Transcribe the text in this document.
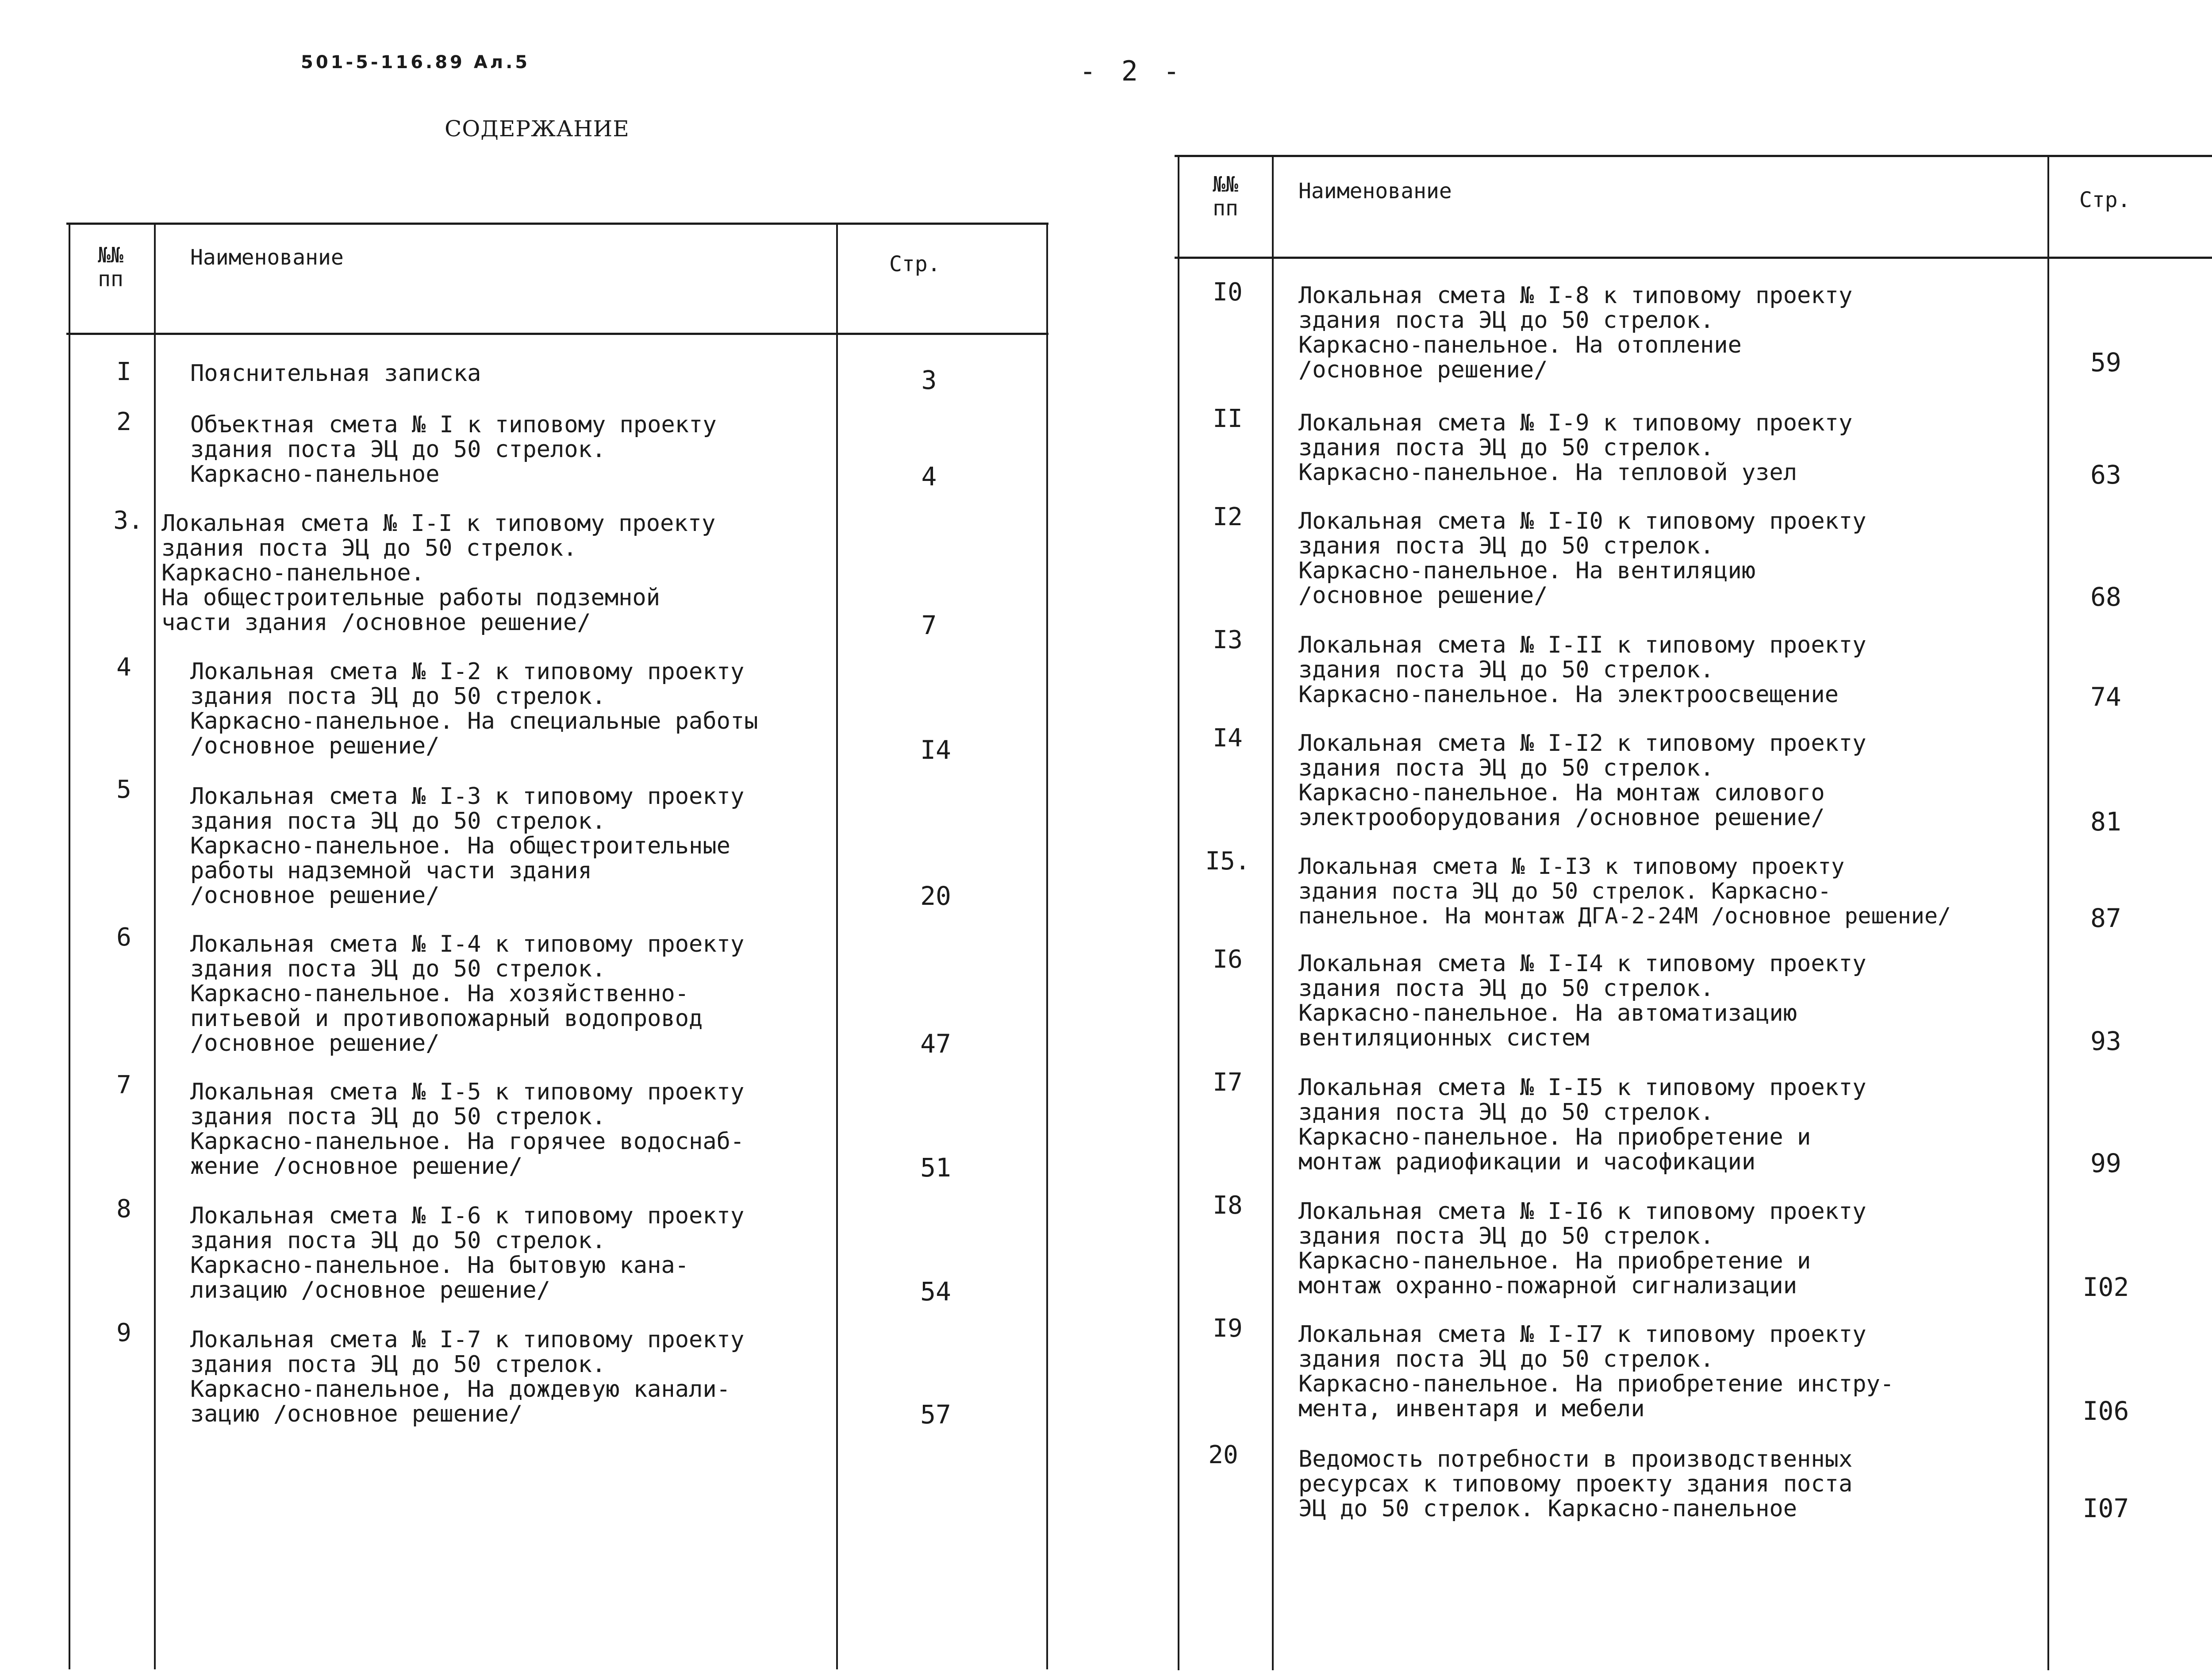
501-5-116.89 Ал.5	- 2 -
СОДЕРЖАНИЕ
№№
пп
Наименование	Стр.
I	Пояснительная записка	3
2	Объектная смета № I к типовому проекту
здания поста ЭЦ до 50 стрелок.
Каркасно-панельное	4
3. Локальная смета № I-I к типовому проекту
здания поста ЭЦ до 50 стрелок.
Каркасно-панельное.
На общестроительные работы подземной
части здания /основное решение/	7
4	Локальная смета № I-2 к типовому проекту
здания поста ЭЦ до 50 стрелок.
Каркасно-панельное. На специальные работы
/основное решение/	I4
5	Локальная смета № I-3 к типовому проекту
здания поста ЭЦ до 50 стрелок.
Каркасно-панельное. На общестроительные
работы надземной части здания
/основное решение/	20
6	Локальная смета № I-4 к типовому проекту
здания поста ЭЦ до 50 стрелок.
Каркасно-панельное. На хозяйственно-
питьевой и противопожарный водопровод
/основное решение/	47
7	Локальная смета № I-5 к типовому проекту
здания поста ЭЦ до 50 стрелок.
Каркасно-панельное. На горячее водоснаб-
жение /основное решение/	51
8	Локальная смета № I-6 к типовому проекту
здания поста ЭЦ до 50 стрелок.
Каркасно-панельное. На бытовую кана-
лизацию /основное решение/	54
9	Локальная смета № I-7 к типовому проекту
здания поста ЭЦ до 50 стрелок.
Каркасно-панельное, На дождевую канали-
зацию /основное решение/	57
№№
пп
Наименование	Стр.
I0	Локальная смета № I-8 к типовому проекту
здания поста ЭЦ до 50 стрелок.
Каркасно-панельное. На отопление
/основное решение/	59
II	Локальная смета № I-9 к типовому проекту
здания поста ЭЦ до 50 стрелок.
Каркасно-панельное. На тепловой узел	63
I2	Локальная смета № I-I0 к типовому проекту
здания поста ЭЦ до 50 стрелок.
Каркасно-панельное. На вентиляцию
/основное решение/	68
I3	Локальная смета № I-II к типовому проекту
здания поста ЭЦ до 50 стрелок.
Каркасно-панельное. На электроосвещение	74
I4	Локальная смета № I-I2 к типовому проекту
здания поста ЭЦ до 50 стрелок.
Каркасно-панельное. На монтаж силового
электрооборудования /основное решение/	81
I5. Локальная смета № I-I3 к типовому проекту
здания поста ЭЦ до 50 стрелок. Каркасно-
панельное. На монтаж ДГА-2-24М /основное решение/	87
I6	Локальная смета № I-I4 к типовому проекту
здания поста ЭЦ до 50 стрелок.
Каркасно-панельное. На автоматизацию
вентиляционных систем	93
I7	Локальная смета № I-I5 к типовому проекту
здания поста ЭЦ до 50 стрелок.
Каркасно-панельное. На приобретение и
монтаж радиофикации и часофикации	99
I8	Локальная смета № I-I6 к типовому проекту
здания поста ЭЦ до 50 стрелок.
Каркасно-панельное. На приобретение и
монтаж охранно-пожарной сигнализации	I02
I9	Локальная смета № I-I7 к типовому проекту
здания поста ЭЦ до 50 стрелок.
Каркасно-панельное. На приобретение инстру-
мента, инвентаря и мебели	I06
20	Ведомость потребности в производственных
ресурсах к типовому проекту здания поста
ЭЦ до 50 стрелок. Каркасно-панельное	I07
